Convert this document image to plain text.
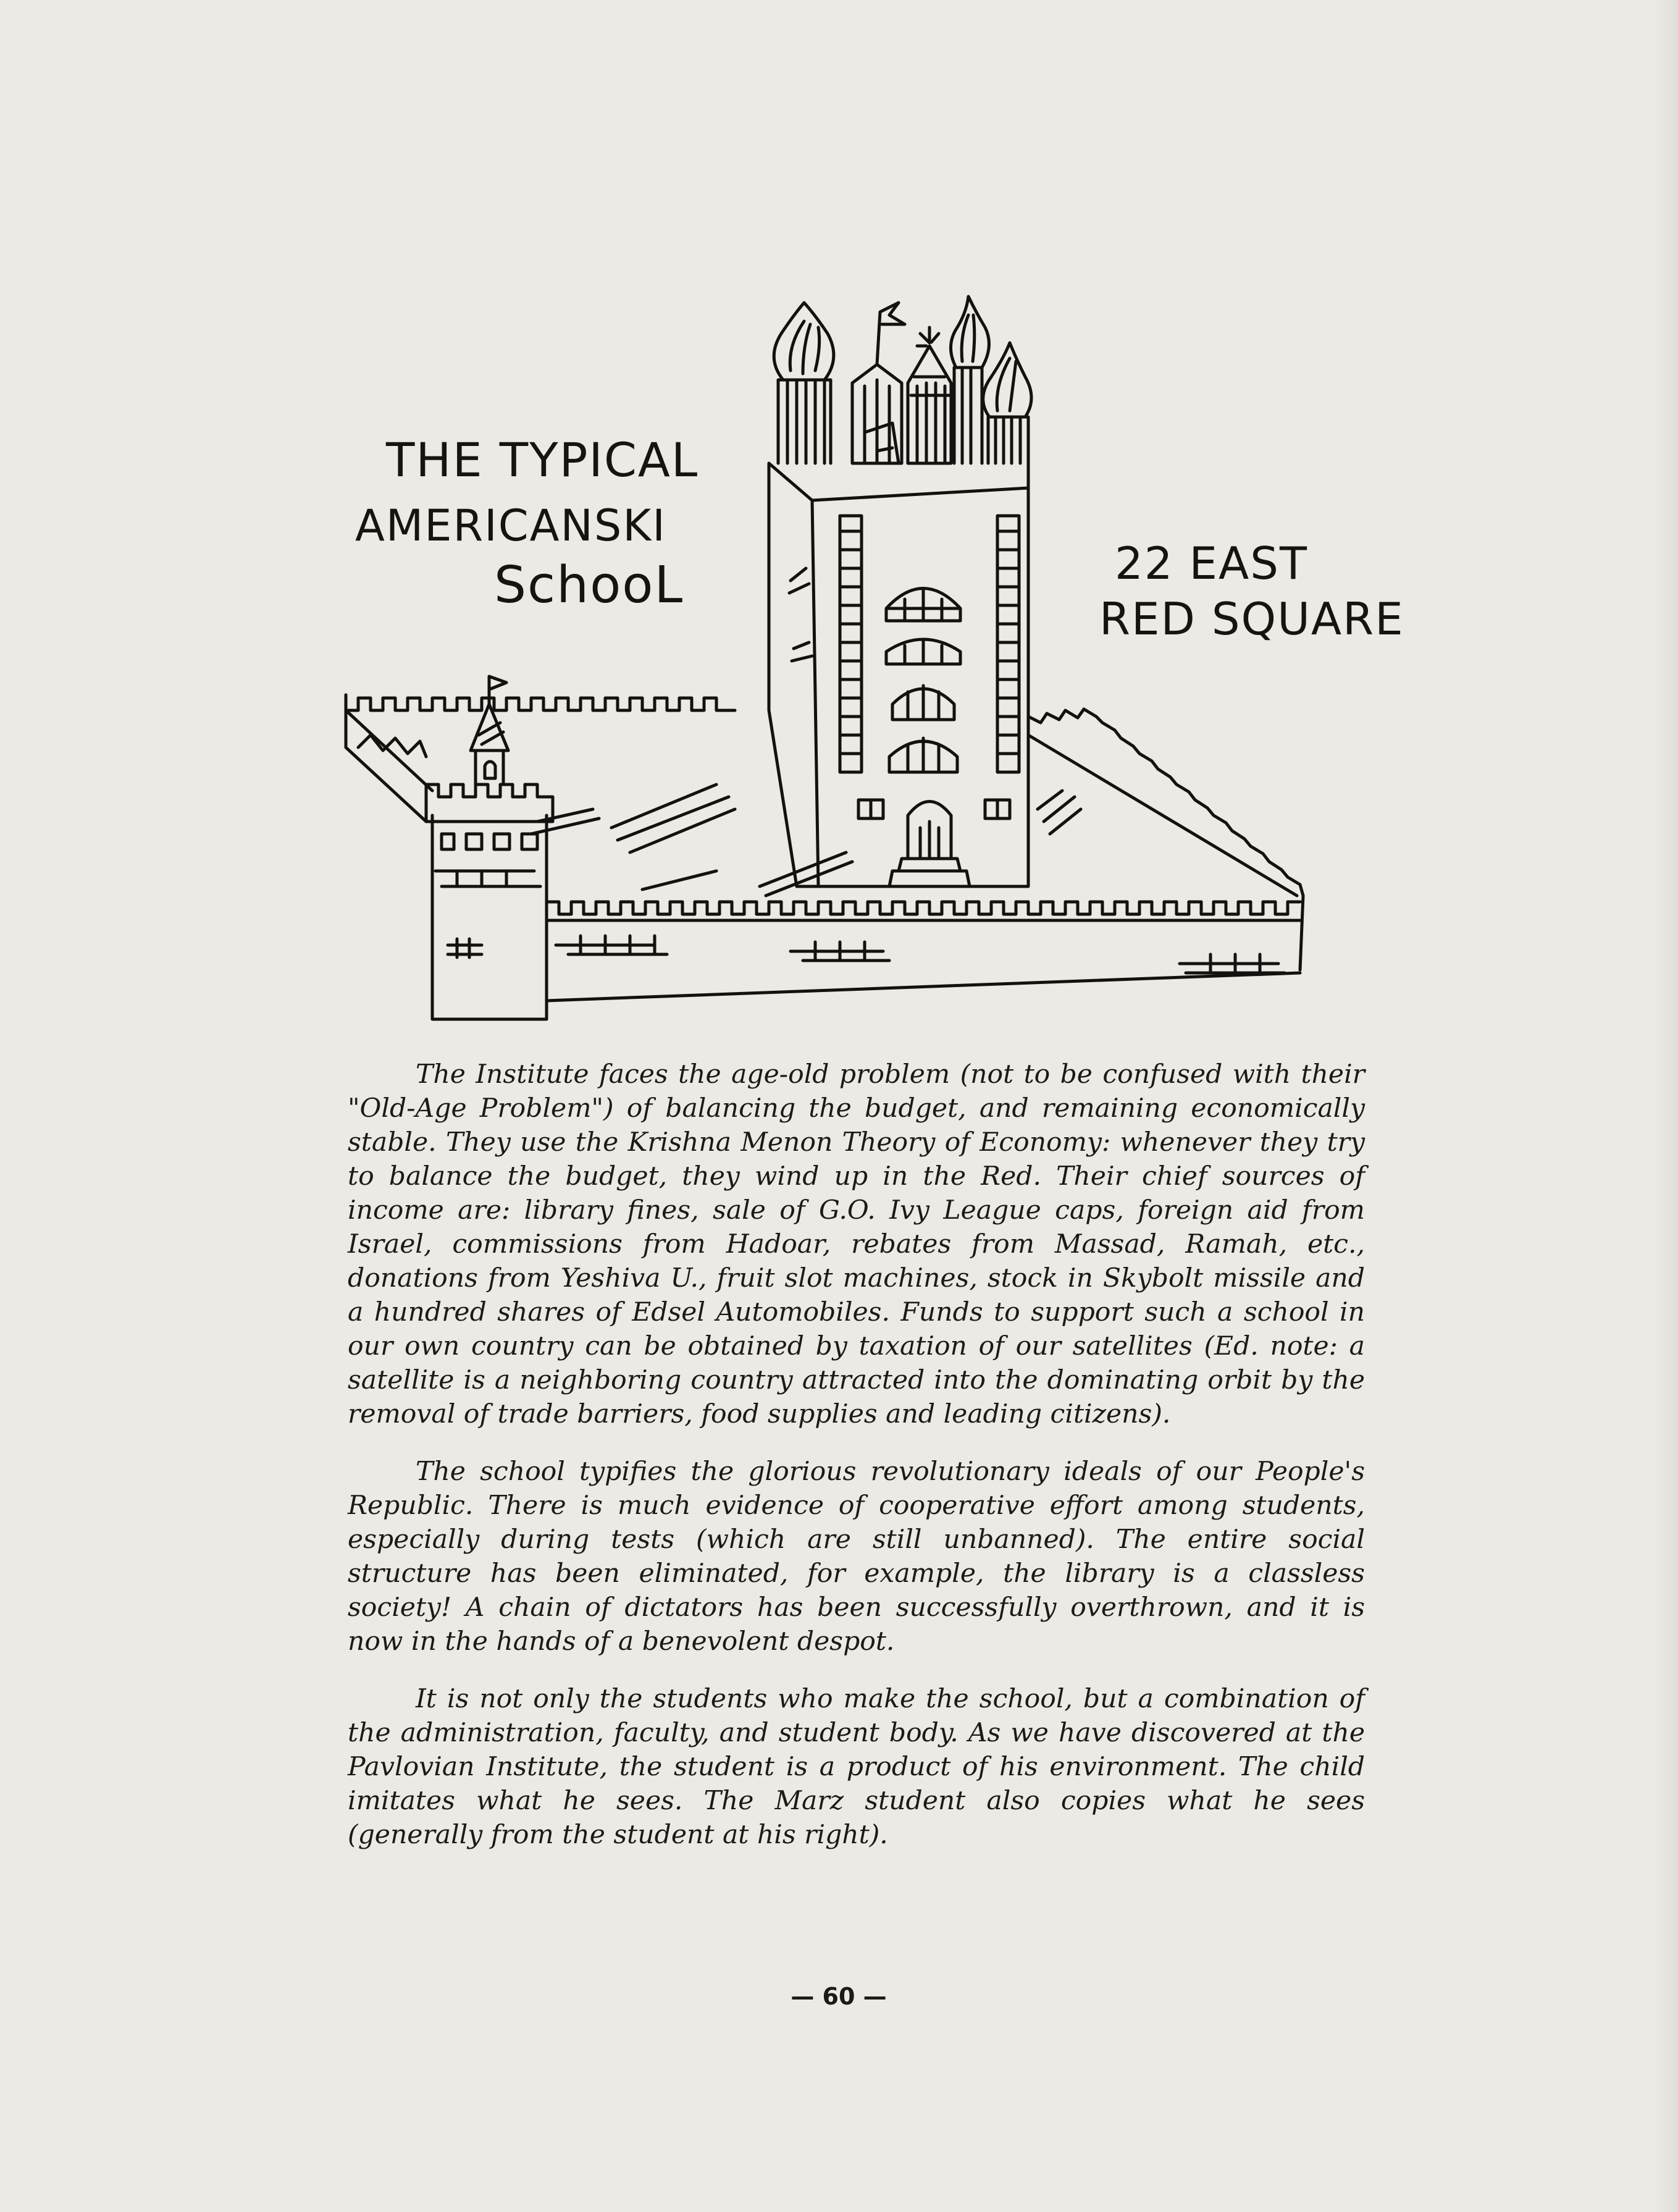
THE TYPICAL
AMERICANSKI
SchooL	22 EAST
RED SQUARE

The Institute faces the age-old problem (not to be confused with their "Old-Age Problem") of balancing the budget, and remaining economically stable. They use the Krishna Menon Theory of Economy: whenever they try to balance the budget, they wind up in the Red. Their chief sources of income are: library fines, sale of G.O. Ivy League caps, foreign aid from Israel, commissions from Hadoar, rebates from Massad, Ramah, etc., donations from Yeshiva U., fruit slot machines, stock in Skybolt missile and a hundred shares of Edsel Automobiles. Funds to support such a school in our own country can be obtained by taxation of our satellites (Ed. note: a satellite is a neighboring country attracted into the dominating orbit by the removal of trade barriers, food supplies and leading citizens).

The school typifies the glorious revolutionary ideals of our People's Republic. There is much evidence of cooperative effort among students, especially during tests (which are still unbanned). The entire social structure has been eliminated, for example, the library is a classless society! A chain of dictators has been successfully overthrown, and it is now in the hands of a benevolent despot.

It is not only the students who make the school, but a combination of the administration, faculty, and student body. As we have discovered at the Pavlovian Institute, the student is a product of his environment. The child imitates what he sees. The Marz student also copies what he sees (generally from the student at his right).

— 60 —
